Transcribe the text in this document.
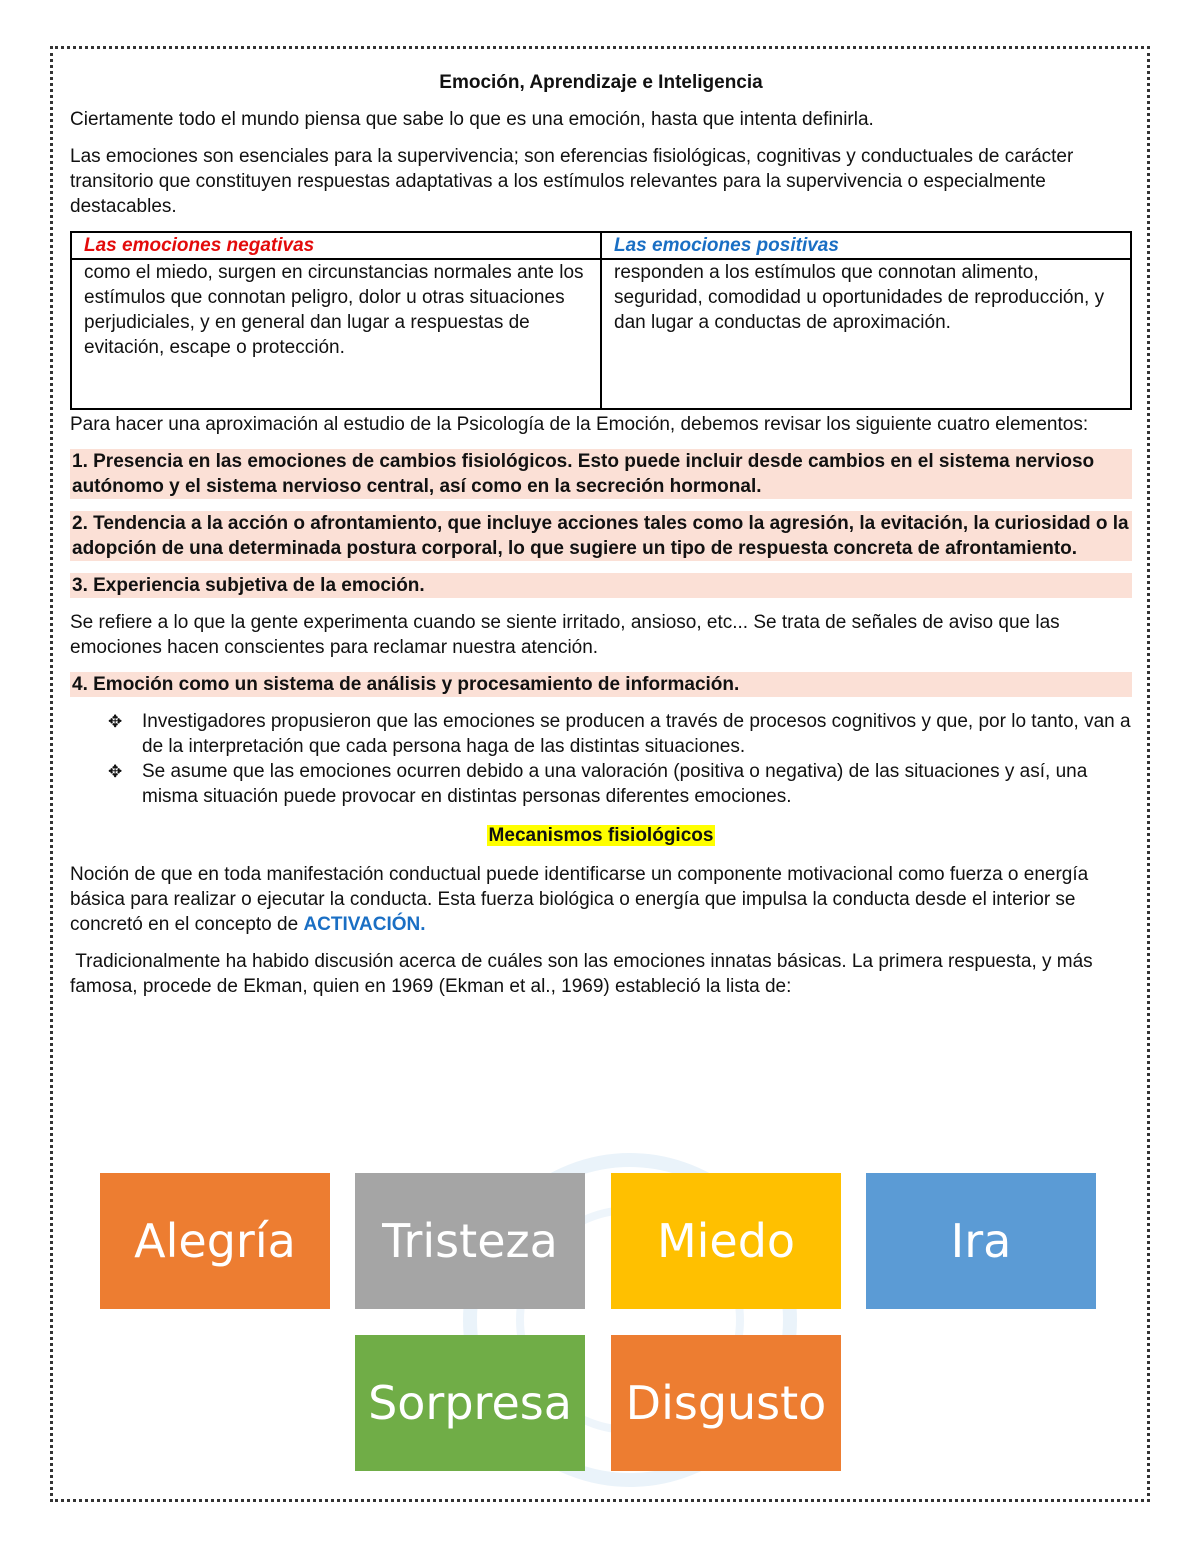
Emoción, Aprendizaje e Inteligencia

Ciertamente todo el mundo piensa que sabe lo que es una emoción, hasta que intenta definirla.

Las emociones son esenciales para la supervivencia; son eferencias fisiológicas, cognitivas y conductuales de carácter transitorio que constituyen respuestas adaptativas a los estímulos relevantes para la supervivencia o especialmente destacables.

Las emociones negativas	Las emociones positivas
como el miedo, surgen en circunstancias normales ante los estímulos que connotan peligro, dolor u otras situaciones perjudiciales, y en general dan lugar a respuestas de evitación, escape o protección.	responden a los estímulos que connotan alimento, seguridad, comodidad u oportunidades de reproducción, y dan lugar a conductas de aproximación.

Para hacer una aproximación al estudio de la Psicología de la Emoción, debemos revisar los siguiente cuatro elementos:

1. Presencia en las emociones de cambios fisiológicos. Esto puede incluir desde cambios en el sistema nervioso autónomo y el sistema nervioso central, así como en la secreción hormonal.
2. Tendencia a la acción o afrontamiento, que incluye acciones tales como la agresión, la evitación, la curiosidad o la adopción de una determinada postura corporal, lo que sugiere un tipo de respuesta concreta de afrontamiento.
3. Experiencia subjetiva de la emoción.

Se refiere a lo que la gente experimenta cuando se siente irritado, ansioso, etc... Se trata de señales de aviso que las emociones hacen conscientes para reclamar nuestra atención.

4. Emoción como un sistema de análisis y procesamiento de información.
✥ Investigadores propusieron que las emociones se producen a través de procesos cognitivos y que, por lo tanto, van a de la interpretación que cada persona haga de las distintas situaciones.
✥ Se asume que las emociones ocurren debido a una valoración (positiva o negativa) de las situaciones y así, una misma situación puede provocar en distintas personas diferentes emociones.
Mecanismos fisiológicos

Noción de que en toda manifestación conductual puede identificarse un componente motivacional como fuerza o energía básica para realizar o ejecutar la conducta. Esta fuerza biológica o energía que impulsa la conducta desde el interior se concretó en el concepto de ACTIVACIÓN.

Tradicionalmente ha habido discusión acerca de cuáles son las emociones innatas básicas. La primera respuesta, y más famosa, procede de Ekman, quien en 1969 (Ekman et al., 1969) estableció la lista de:

Alegría Tristeza Miedo	Ira
Sorpresa Disgusto
